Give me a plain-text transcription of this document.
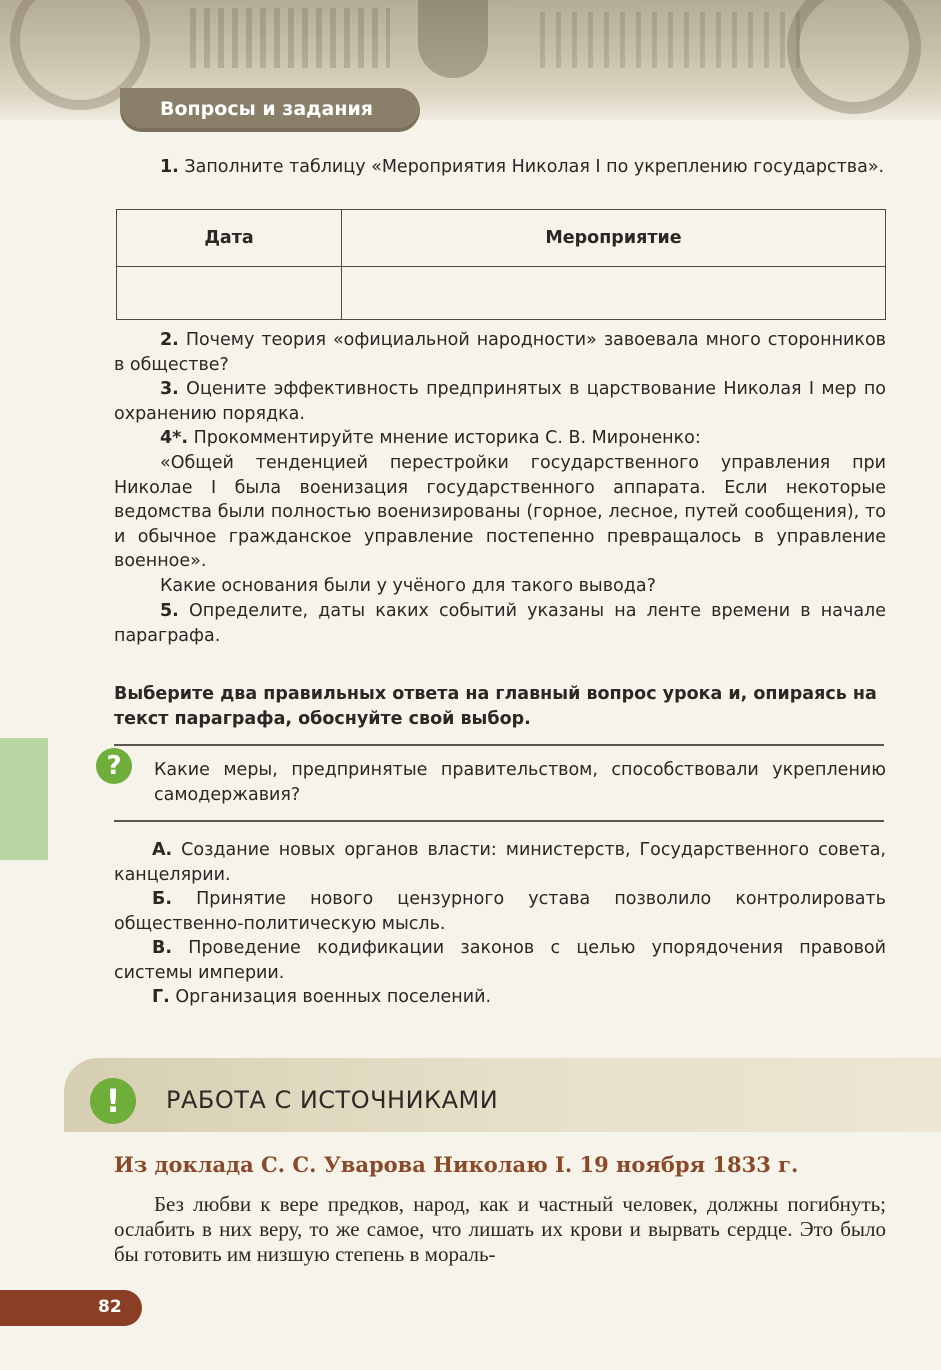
Вопросы и задания
1. Заполните таблицу «Мероприятия Николая I по укреплению государства».
Дата	Мероприятие

2. Почему теория «официальной народности» завоевала много сторонников в обществе?
3. Оцените эффективность предпринятых в царствование Николая I мер по охранению порядка.
4*. Прокомментируйте мнение историка С. В. Мироненко:
«Общей тенденцией перестройки государственного управления при Николае I была военизация государственного аппарата. Если некоторые ведомства были полностью военизированы (горное, лесное, путей сообщения), то и обычное гражданское управление постепенно превращалось в управление военное».
Какие основания были у учёного для такого вывода?
5. Определите, даты каких событий указаны на ленте времени в начале параграфа.
Выберите два правильных ответа на главный вопрос урока и, опираясь на текст параграфа, обоснуйте свой выбор.
?	Какие меры, предпринятые правительством, способствовали укреплению самодержавия?
А. Создание новых органов власти: министерств, Государственного совета, канцелярии.
Б. Принятие нового цензурного устава позволило контролировать общественно-политическую мысль.
В. Проведение кодификации законов с целью упорядочения правовой системы империи.
Г. Организация военных поселений.
!	РАБОТА С ИСТОЧНИКАМИ
Из доклада С. С. Уварова Николаю I. 19 ноября 1833 г.
Без любви к вере предков, народ, как и частный человек, должны погибнуть; ослабить в них веру, то же самое, что лишать их крови и вырвать сердце. Это было бы готовить им низшую степень в мораль-
82
